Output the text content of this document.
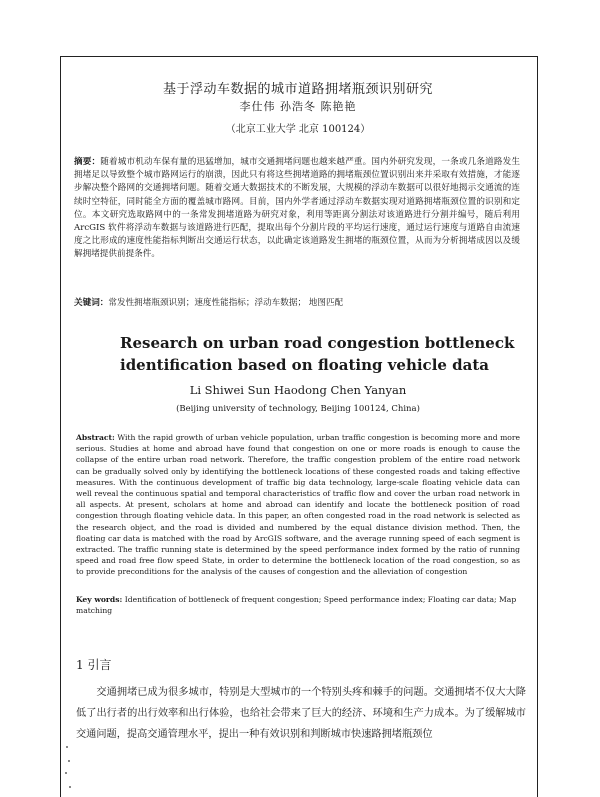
基于浮动车数据的城市道路拥堵瓶颈识别研究
李仕伟 孙浩冬 陈艳艳
（北京工业大学 北京 100124）
摘要：随着城市机动车保有量的迅猛增加，城市交通拥堵问题也越来越严重。国内外研究发现，一条或几条道路发生拥堵足以导致整个城市路网运行的崩溃，因此只有将这些拥堵道路的拥堵瓶颈位置识别出来并采取有效措施，才能逐步解决整个路网的交通拥堵问题。随着交通大数据技术的不断发展，大规模的浮动车数据可以很好地揭示交通流的连续时空特征，同时能全方面的覆盖城市路网。目前，国内外学者通过浮动车数据实现对道路拥堵瓶颈位置的识别和定位。本文研究选取路网中的一条常发拥堵道路为研究对象，利用等距离分割法对该道路进行分割并编号，随后利用 ArcGIS 软件将浮动车数据与该道路进行匹配，提取出每个分割片段的平均运行速度，通过运行速度与道路自由流速度之比形成的速度性能指标判断出交通运行状态，以此确定该道路发生拥堵的瓶颈位置，从而为分析拥堵成因以及缓解拥堵提供前提条件。
关键词：常发性拥堵瓶颈识别；速度性能指标；浮动车数据； 地图匹配
Research on urban road congestion bottleneck identification based on floating vehicle data
Li Shiwei Sun Haodong Chen Yanyan
(Beijing university of technology, Beijing 100124, China)
Abstract: With the rapid growth of urban vehicle population, urban traffic congestion is becoming more and more serious. Studies at home and abroad have found that congestion on one or more roads is enough to cause the collapse of the entire urban road network. Therefore, the traffic congestion problem of the entire road network can be gradually solved only by identifying the bottleneck locations of these congested roads and taking effective measures. With the continuous development of traffic big data technology, large-scale floating vehicle data can well reveal the continuous spatial and temporal characteristics of traffic flow and cover the urban road network in all aspects. At present, scholars at home and abroad can identify and locate the bottleneck position of road congestion through floating vehicle data. In this paper, an often congested road in the road network is selected as the research object, and the road is divided and numbered by the equal distance division method. Then, the floating car data is matched with the road by ArcGIS software, and the average running speed of each segment is extracted. The traffic running state is determined by the speed performance index formed by the ratio of running speed and road free flow speed State, in order to determine the bottleneck location of the road congestion, so as to provide preconditions for the analysis of the causes of congestion and the alleviation of congestion
Key words: Identification of bottleneck of frequent congestion; Speed performance index; Floating car data; Map matching
1 引言

交通拥堵已成为很多城市，特别是大型城市的一个特别头疼和棘手的问题。交通拥堵不仅大大降低了出行者的出行效率和出行体验，也给社会带来了巨大的经济、环境和生产力成本。为了缓解城市交通问题，提高交通管理水平，提出一种有效识别和判断城市快速路拥堵瓶颈位
